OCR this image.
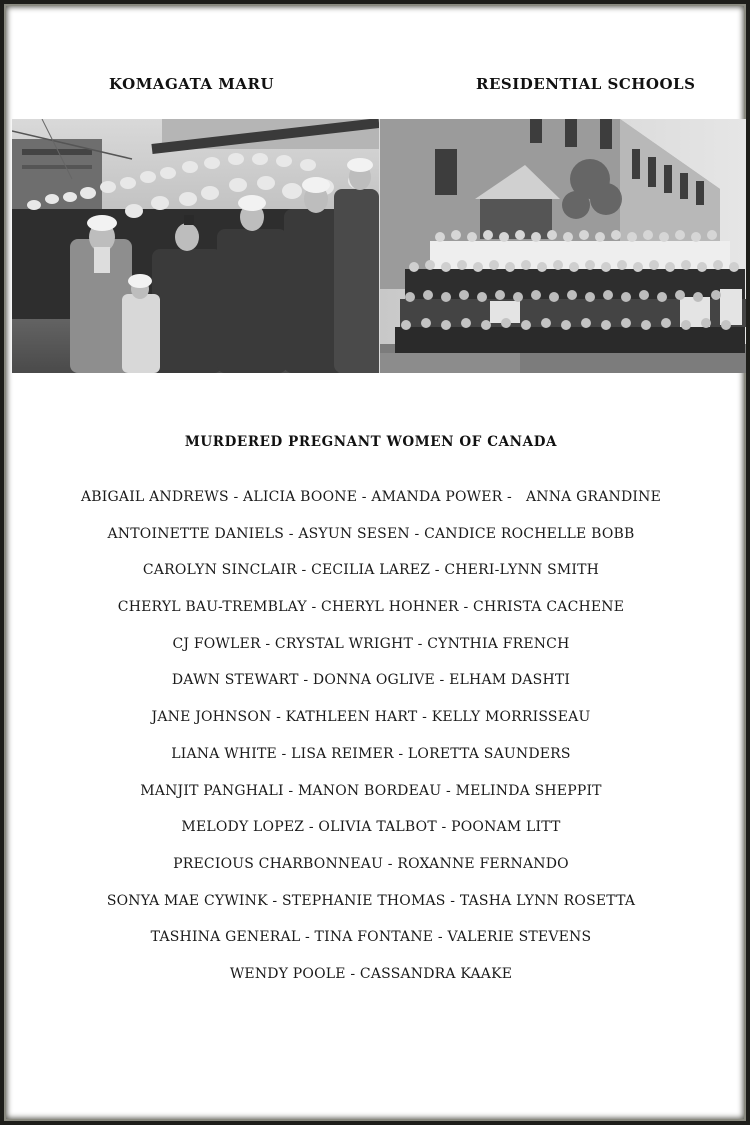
KOMAGATA MARU	RESIDENTIAL SCHOOLS
MURDERED PREGNANT WOMEN OF CANADA
ABIGAIL ANDREWS - ALICIA BOONE - AMANDA POWER -   ANNA GRANDINE
ANTOINETTE DANIELS - ASYUN SESEN - CANDICE ROCHELLE BOBB
CAROLYN SINCLAIR - CECILIA LAREZ - CHERI-LYNN SMITH
CHERYL BAU-TREMBLAY - CHERYL HOHNER - CHRISTA CACHENE
CJ FOWLER - CRYSTAL WRIGHT - CYNTHIA FRENCH
DAWN STEWART - DONNA OGLIVE - ELHAM DASHTI
JANE JOHNSON - KATHLEEN HART - KELLY MORRISSEAU
LIANA WHITE - LISA REIMER - LORETTA SAUNDERS
MANJIT PANGHALI - MANON BORDEAU - MELINDA SHEPPIT
MELODY LOPEZ - OLIVIA TALBOT - POONAM LITT
PRECIOUS CHARBONNEAU - ROXANNE FERNANDO
SONYA MAE CYWINK - STEPHANIE THOMAS - TASHA LYNN ROSETTA
TASHINA GENERAL - TINA FONTANE - VALERIE STEVENS
WENDY POOLE - CASSANDRA KAAKE
